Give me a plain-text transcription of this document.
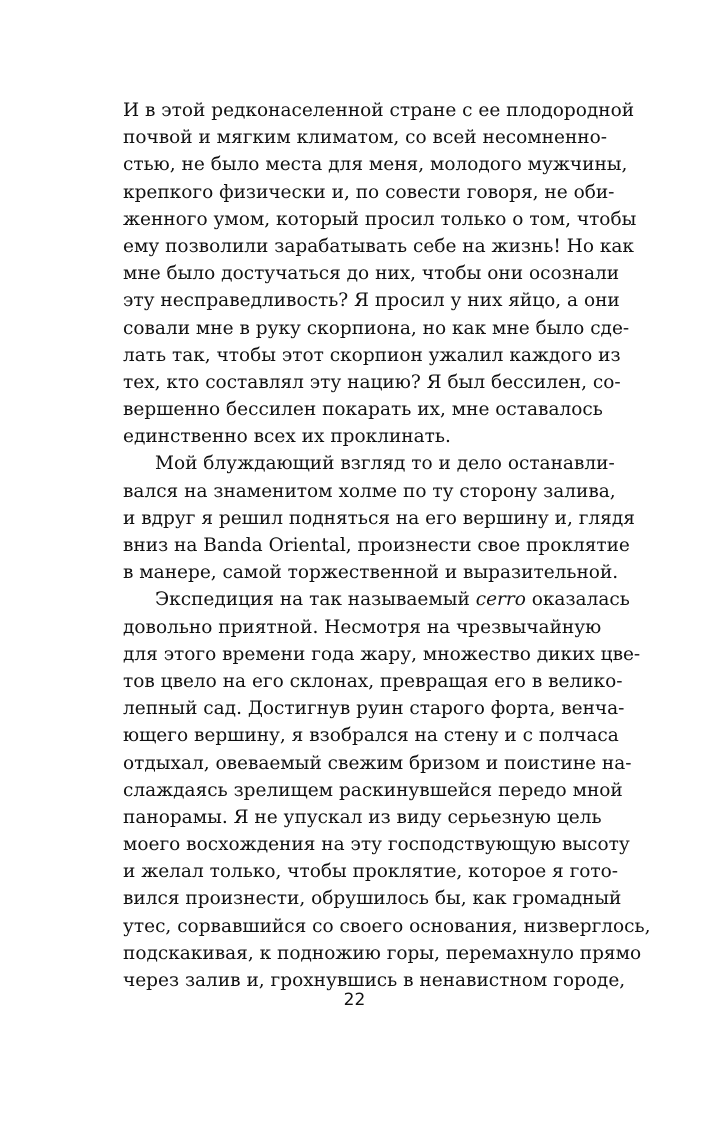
И в этой редконаселенной стране с ее плодородной
почвой и мягким климатом, со всей несомненно-
стью, не было места для меня, молодого мужчины,
крепкого физически и, по совести говоря, не оби-
женного умом, который просил только о том, чтобы
ему позволили зарабатывать себе на жизнь! Но как
мне было достучаться до них, чтобы они осознали
эту несправедливость? Я просил у них яйцо, а они
совали мне в руку скорпиона, но как мне было сде-
лать так, чтобы этот скорпион ужалил каждого из
тех, кто составлял эту нацию? Я был бессилен, со-
вершенно бессилен покарать их, мне оставалось
единственно всех их проклинать.
Мой блуждающий взгляд то и дело останавли-
вался на знаменитом холме по ту сторону залива,
и вдруг я решил подняться на его вершину и, глядя
вниз на Banda Oriental, произнести свое проклятие
в манере, самой торжественной и выразительной.
Экспедиция на так называемый cerro оказалась
довольно приятной. Несмотря на чрезвычайную
для этого времени года жару, множество диких цве-
тов цвело на его склонах, превращая его в велико-
лепный сад. Достигнув руин старого форта, венча-
ющего вершину, я взобрался на стену и с полчаса
отдыхал, овеваемый свежим бризом и поистине на-
слаждаясь зрелищем раскинувшейся передо мной
панорамы. Я не упускал из виду серьезную цель
моего восхождения на эту господствующую высоту
и желал только, чтобы проклятие, которое я гото-
вился произнести, обрушилось бы, как громадный
утес, сорвавшийся со своего основания, низверглось,
подскакивая, к подножию горы, перемахнуло прямо
через залив и, грохнувшись в ненавистном городе,
22
